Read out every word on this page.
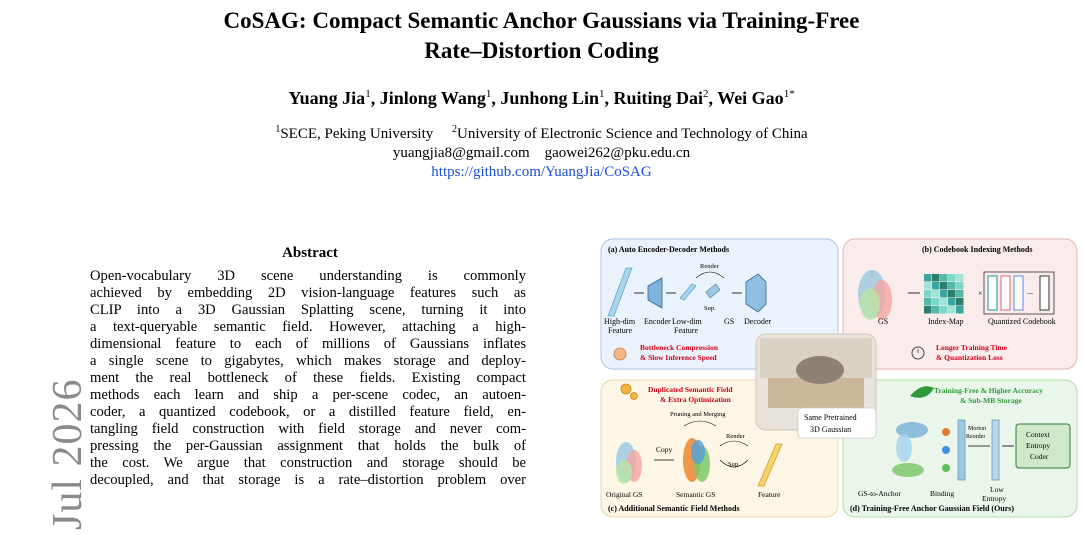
CoSAG: Compact Semantic Anchor Gaussians via Training-Free
Rate–Distortion Coding
Yuang Jia$^1$, Jinlong Wang$^1$, Junhong Lin$^1$, Ruiting Dai$^2$, Wei Gao$^{1*}$
$^1$SECE, Peking University $^2$University of Electronic Science and Technology of China
yuangjia8@gmail.com    gaowei262@pku.edu.cn
https://github.com/YuangJia/CoSAG
Jul 2026
Abstract
Open-vocabulary 3D scene understanding is commonly
achieved by embedding 2D vision-language features such as
CLIP into a 3D Gaussian Splatting scene, turning it into
a text-queryable semantic field. However, attaching a high-
dimensional feature to each of millions of Gaussians inflates
a single scene to gigabytes, which makes storage and deploy-
ment the real bottleneck of these fields. Existing compact
methods each learn and ship a per-scene codec, an autoen-
coder, a quantized codebook, or a distilled feature field, en-
tangling field construction with field storage and never com-
pressing the per-Gaussian assignment that holds the bulk of
the cost. We argue that construction and storage should be
decoupled, and that storage is a rate–distortion problem over
(a) Auto Encoder-Decoder Methods
High-dim
Feature
Encoder Low-dim
Feature
Render
Sup.
GS Decoder
Bottleneck Compression
& Slow Inference Speed
(b) Codebook Indexing Methods
GS	Index-Map
×	...
Quantized Codebook
Longer Training Time
& Quantization Loss
Duplicated Semantic Field
& Extra Optimization
Pruning and Merging
Original GS
Copy
Semantic GS
Render
Sup.
Feature
(c) Additional Semantic Field Methods
Training-Free & Higher Accuracy
& Sub-MB Storage
GS-to-Anchor	Binding
Morton
Reorder
Low
Entropy
Context
Entropy
Coder
(d) Training-Free Anchor Gaussian Field (Ours)
Same Pretrained
3D Gaussian
